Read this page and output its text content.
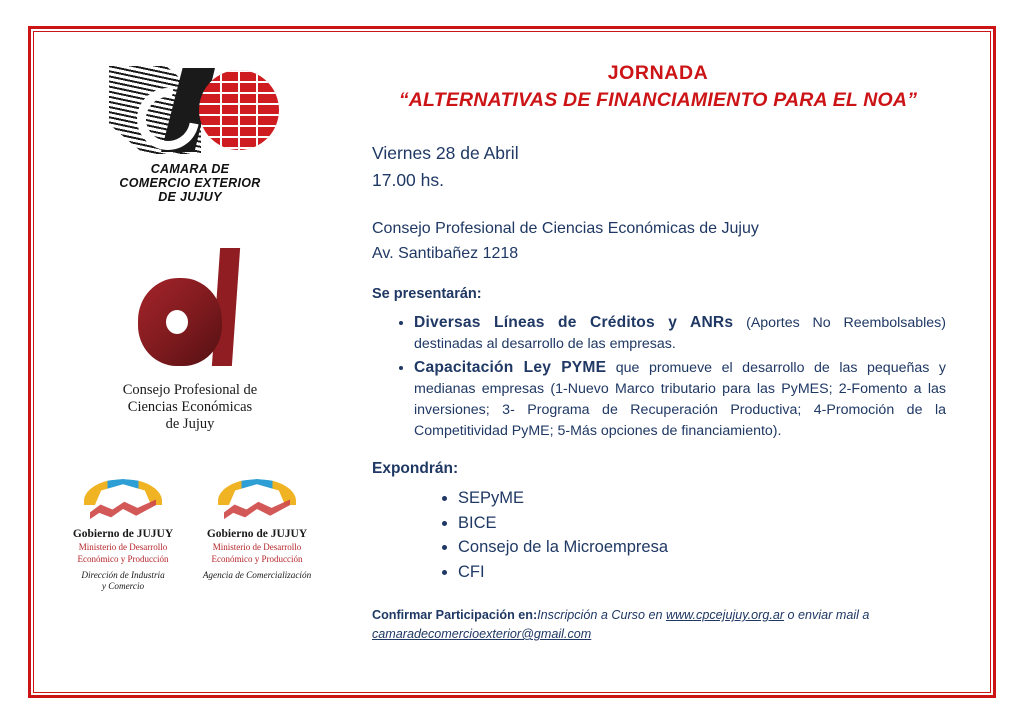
CAMARA DE
COMERCIO EXTERIOR
DE JUJUY
Consejo Profesional de
Ciencias Económicas
de Jujuy
Gobierno de JUJUY
Ministerio de Desarrollo
Económico y Producción
Dirección de Industria
y Comercio
Gobierno de JUJUY
Ministerio de Desarrollo
Económico y Producción
Agencia de Comercialización
JORNADA
“ALTERNATIVAS DE FINANCIAMIENTO PARA EL NOA”
Viernes 28 de Abril
17.00 hs.
Consejo Profesional de Ciencias Económicas de Jujuy
Av. Santibañez 1218
Se presentarán:
• Diversas Líneas de Créditos y ANRs (Aportes No Reembolsables) destinadas al desarrollo de las empresas.
• Capacitación Ley PYME que promueve el desarrollo de las pequeñas y medianas empresas (1-Nuevo Marco tributario para las PyMES; 2-Fomento a las inversiones; 3- Programa de Recuperación Productiva; 4-Promoción de la Competitividad PyME; 5-Más opciones de financiamiento).
Expondrán:
• SEPyME
• BICE
• Consejo de la Microempresa
• CFI
Confirmar Participación en:Inscripción a Curso en www.cpcejujuy.org.ar o enviar mail a
camaradecomercioexterior@gmail.com
